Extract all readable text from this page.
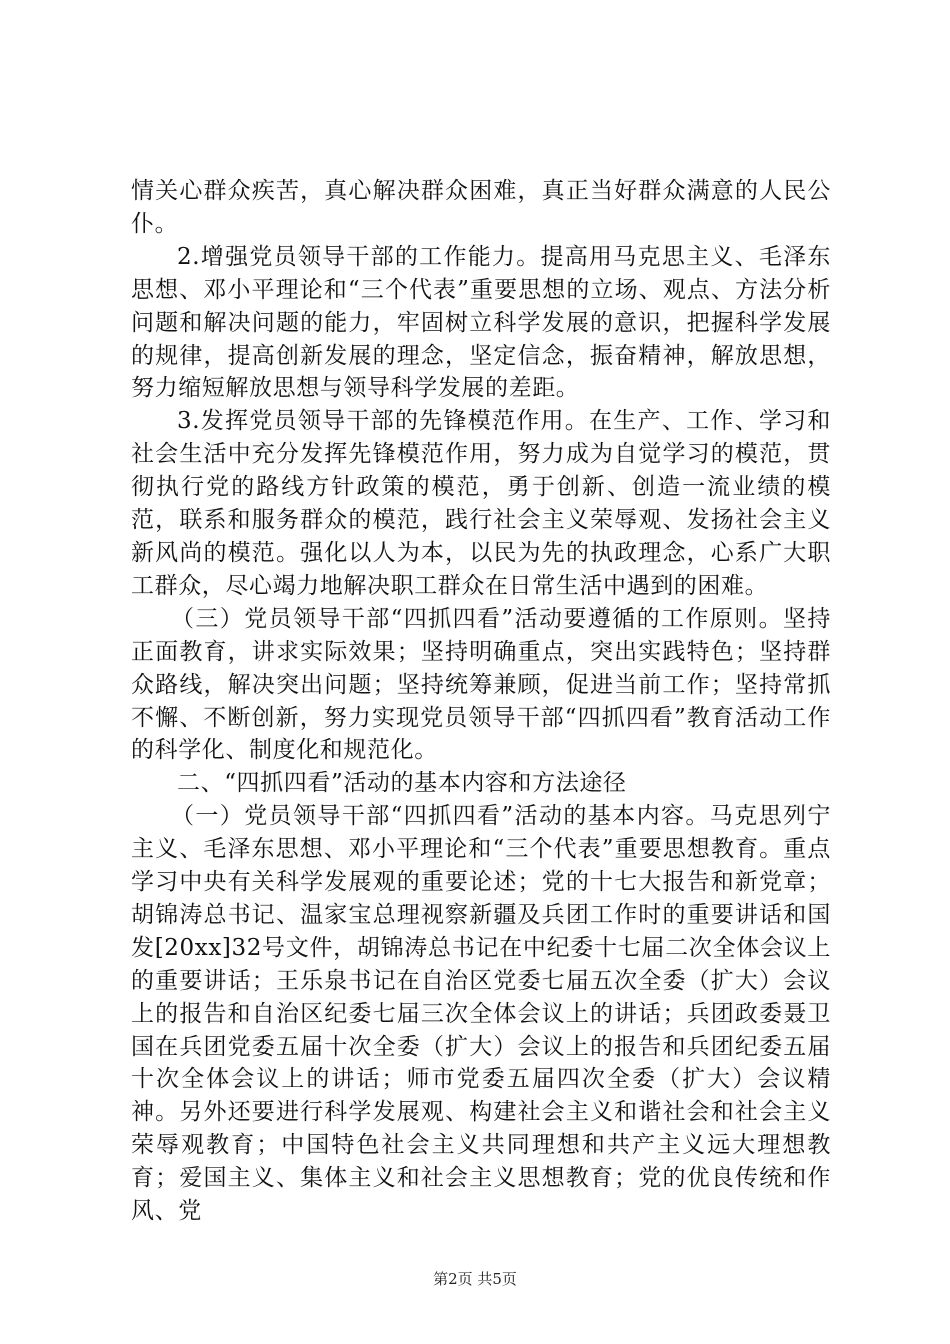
情关心群众疾苦，真心解决群众困难，真正当好群众满意的人民公仆。

2.增强党员领导干部的工作能力。提高用马克思主义、毛泽东思想、邓小平理论和“三个代表”重要思想的立场、观点、方法分析问题和解决问题的能力，牢固树立科学发展的意识，把握科学发展的规律，提高创新发展的理念，坚定信念，振奋精神，解放思想，努力缩短解放思想与领导科学发展的差距。

3.发挥党员领导干部的先锋模范作用。在生产、工作、学习和社会生活中充分发挥先锋模范作用，努力成为自觉学习的模范，贯彻执行党的路线方针政策的模范，勇于创新、创造一流业绩的模范，联系和服务群众的模范，践行社会主义荣辱观、发扬社会主义新风尚的模范。强化以人为本，以民为先的执政理念，心系广大职工群众，尽心竭力地解决职工群众在日常生活中遇到的困难。

（三）党员领导干部“四抓四看”活动要遵循的工作原则。坚持正面教育，讲求实际效果；坚持明确重点，突出实践特色；坚持群众路线，解决突出问题；坚持统筹兼顾，促进当前工作；坚持常抓不懈、不断创新，努力实现党员领导干部“四抓四看”教育活动工作的科学化、制度化和规范化。

二、“四抓四看”活动的基本内容和方法途径

（一）党员领导干部“四抓四看”活动的基本内容。马克思列宁主义、毛泽东思想、邓小平理论和“三个代表”重要思想教育。重点学习中央有关科学发展观的重要论述；党的十七大报告和新党章；胡锦涛总书记、温家宝总理视察新疆及兵团工作时的重要讲话和国发[20xx]32号文件，胡锦涛总书记在中纪委十七届二次全体会议上的重要讲话；王乐泉书记在自治区党委七届五次全委（扩大）会议上的报告和自治区纪委七届三次全体会议上的讲话；兵团政委聂卫国在兵团党委五届十次全委（扩大）会议上的报告和兵团纪委五届十次全体会议上的讲话；师市党委五届四次全委（扩大）会议精神。另外还要进行科学发展观、构建社会主义和谐社会和社会主义荣辱观教育；中国特色社会主义共同理想和共产主义远大理想教育；爱国主义、集体主义和社会主义思想教育；党的优良传统和作风、党

第2页 共5页
